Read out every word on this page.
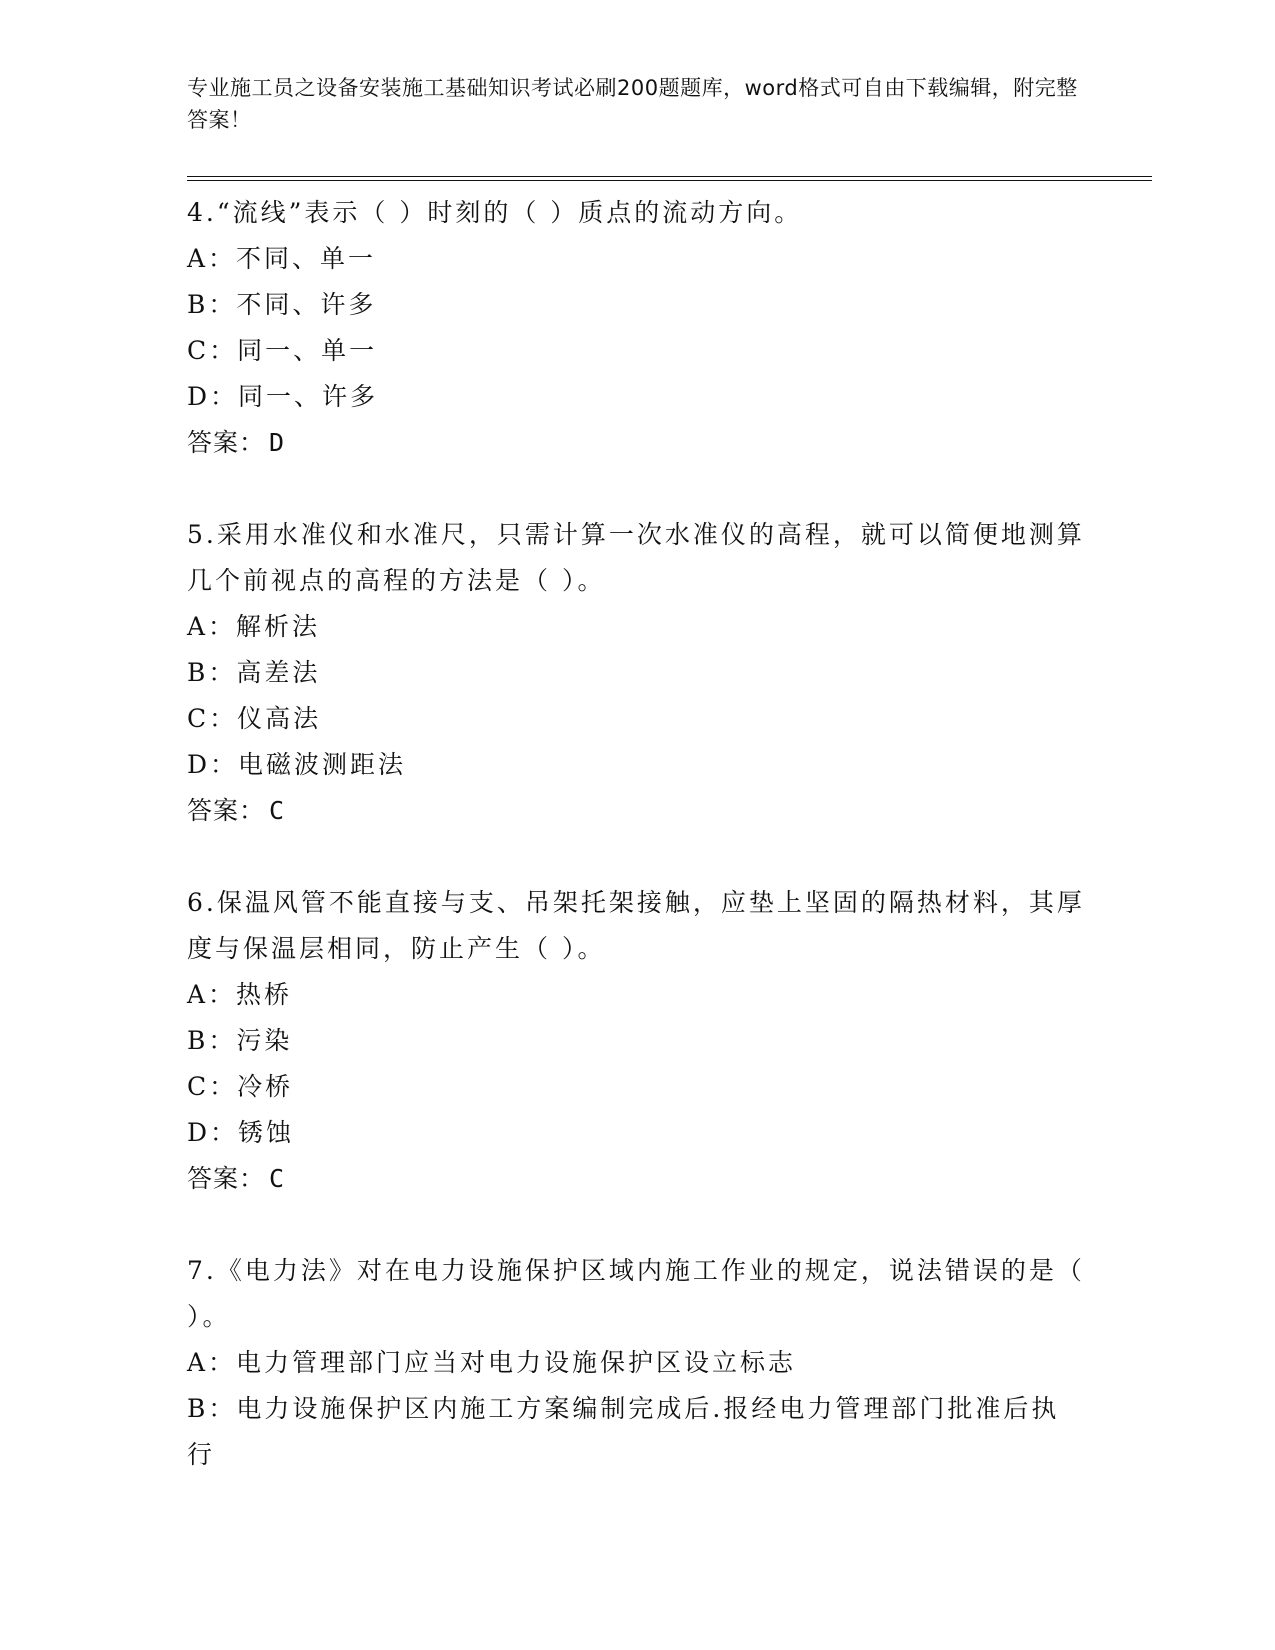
专业施工员之设备安装施工基础知识考试必刷200题题库，word格式可自由下载编辑，附完整答案！
4.“流线”表示（ ）时刻的（ ）质点的流动方向。
A：不同、单一
B：不同、许多
C：同一、单一
D：同一、许多
答案： D
5.采用水准仪和水准尺，只需计算一次水准仪的高程，就可以简便地测算几个前视点的高程的方法是（ ）。
A：解析法
B：高差法
C：仪高法
D：电磁波测距法
答案： C
6.保温风管不能直接与支、吊架托架接触，应垫上坚固的隔热材料，其厚度与保温层相同，防止产生（ ）。
A：热桥
B：污染
C：冷桥
D：锈蚀
答案： C
7.《电力法》对在电力设施保护区域内施工作业的规定，说法错误的是（ ）。
A：电力管理部门应当对电力设施保护区设立标志
B：电力设施保护区内施工方案编制完成后.报经电力管理部门批准后执行
